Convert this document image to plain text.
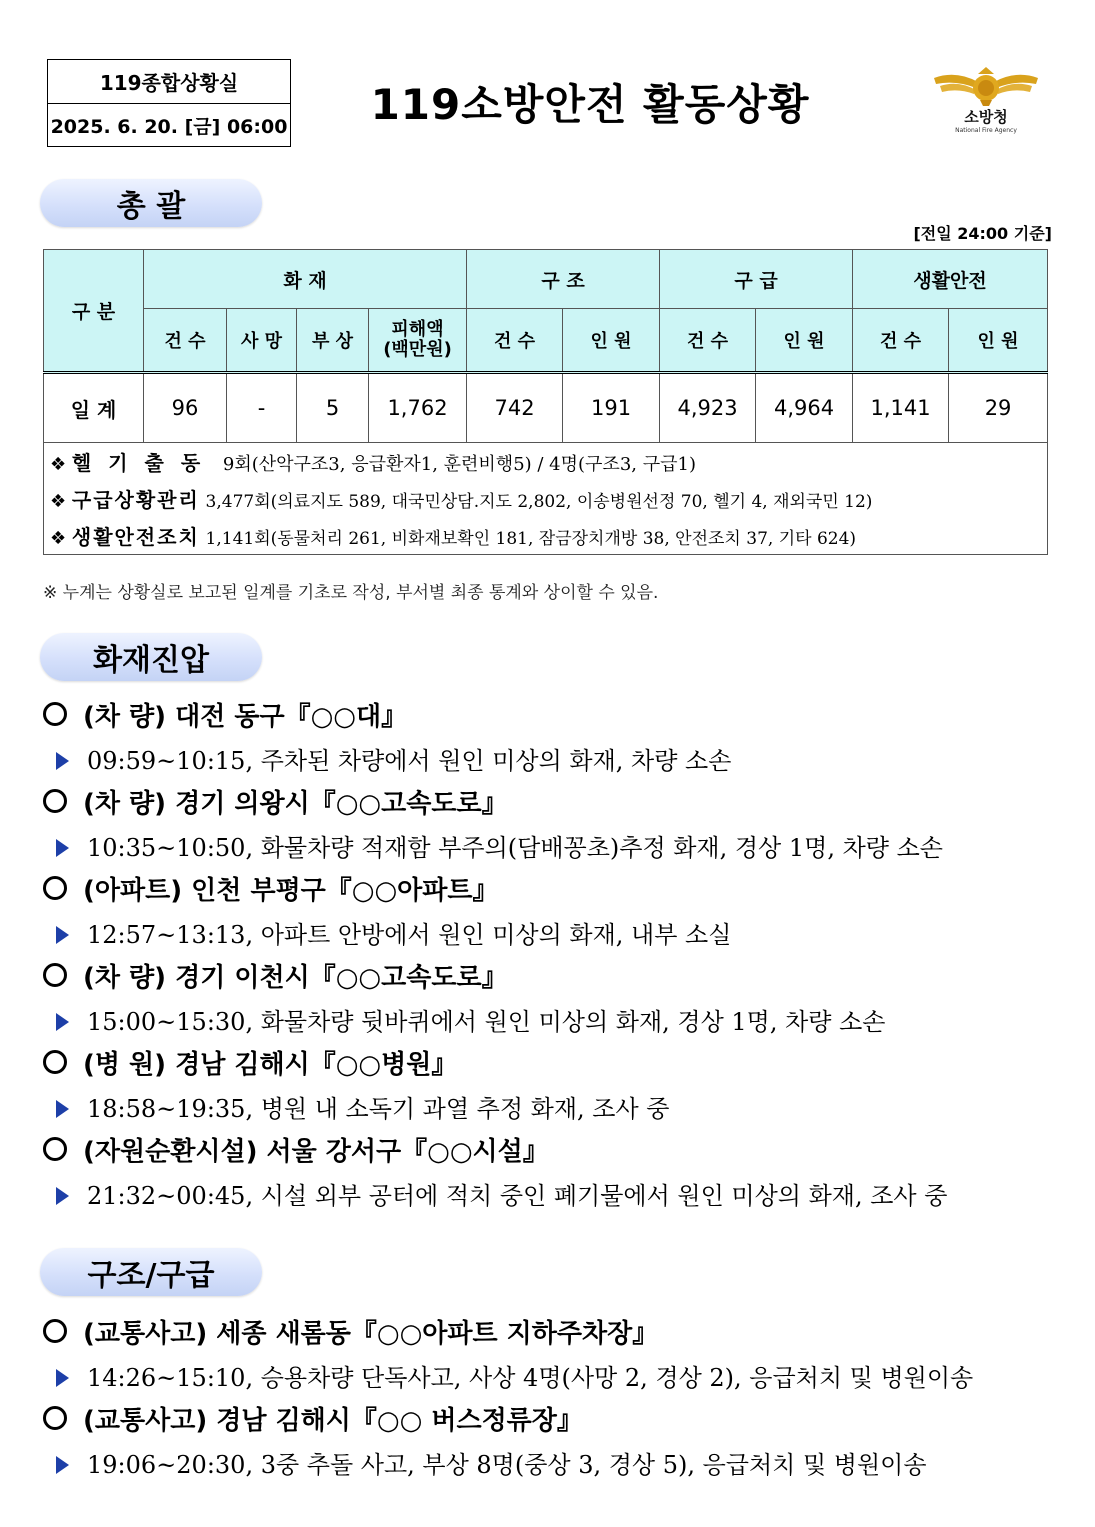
119종합상황실
2025. 6. 20. [금] 06:00	119소방안전 활동상황	소방청
National Fire Agency
총 괄
[전일 24:00 기준]
구 분	화 재				구 조		구 급		생활안전	
	건 수	사 망	부 상	피해액
(백만원)	건 수	인 원	건 수	인 원	건 수	인 원
일 계	96	-	5	1,762	742	191	4,923	4,964	1,141	29
❖ 헬기출동 9회(산악구조3, 응급환자1, 훈련비행5) / 4명(구조3, 구급1)										
❖ 구급상황관리 3,477회(의료지도 589, 대국민상담.지도 2,802, 이송병원선정 70, 헬기 4, 재외국민 12)										
❖ 생활안전조치 1,141회(동물처리 261, 비화재보확인 181, 잠금장치개방 38, 안전조치 37, 기타 624)										
※ 누계는 상황실로 보고된 일계를 기초로 작성, 부서별 최종 통계와 상이할 수 있음.
화재진압
(차 량) 대전 동구『○○대』
09:59~10:15, 주차된 차량에서 원인 미상의 화재, 차량 소손
(차 량) 경기 의왕시『○○고속도로』
10:35~10:50, 화물차량 적재함 부주의(담배꽁초)추정 화재, 경상 1명, 차량 소손
(아파트) 인천 부평구『○○아파트』
12:57~13:13, 아파트 안방에서 원인 미상의 화재, 내부 소실
(차 량) 경기 이천시『○○고속도로』
15:00~15:30, 화물차량 뒷바퀴에서 원인 미상의 화재, 경상 1명, 차량 소손
(병 원) 경남 김해시『○○병원』
18:58~19:35, 병원 내 소독기 과열 추정 화재, 조사 중
(자원순환시설) 서울 강서구『○○시설』
21:32~00:45, 시설 외부 공터에 적치 중인 폐기물에서 원인 미상의 화재, 조사 중
구조/구급
(교통사고) 세종 새롬동『○○아파트 지하주차장』
14:26~15:10, 승용차량 단독사고, 사상 4명(사망 2, 경상 2), 응급처치 및 병원이송
(교통사고) 경남 김해시『○○ 버스정류장』
19:06~20:30, 3중 추돌 사고, 부상 8명(중상 3, 경상 5), 응급처치 및 병원이송
